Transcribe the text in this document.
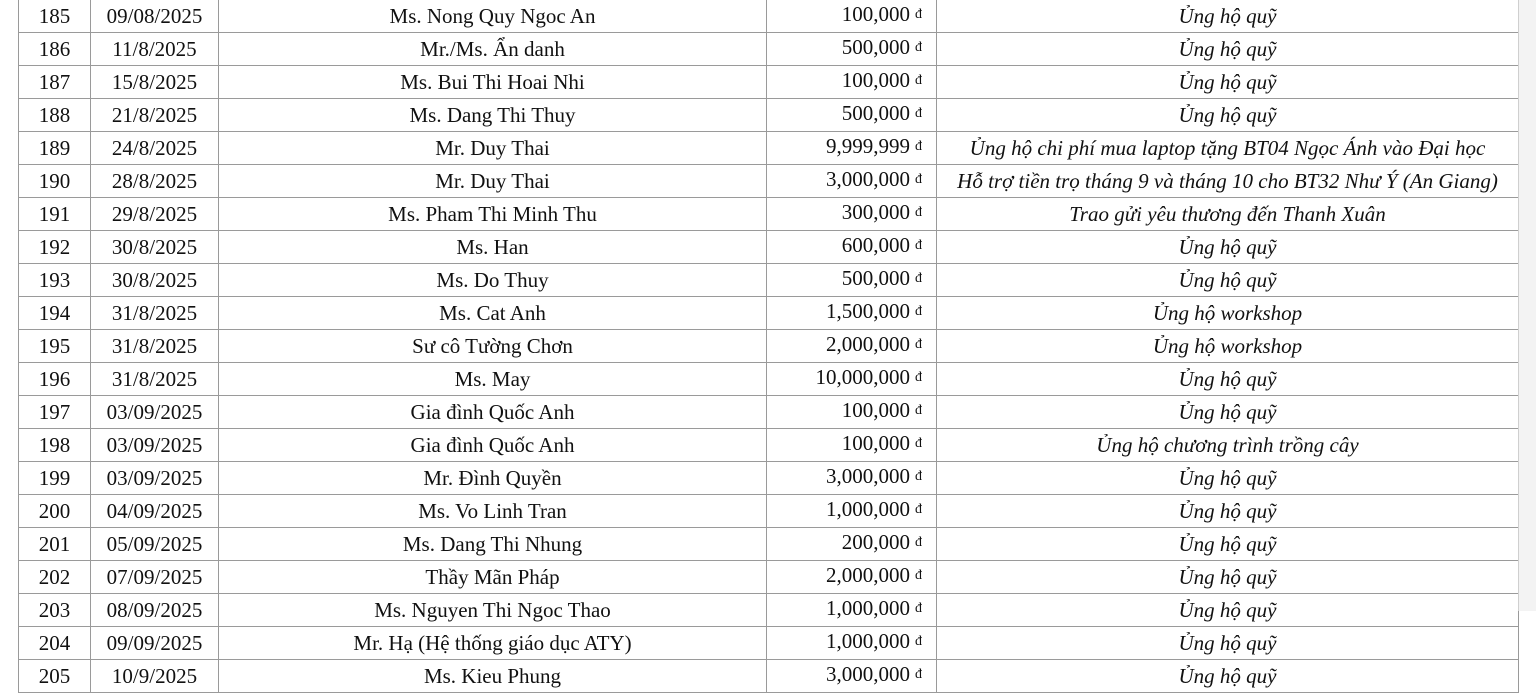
185	09/08/2025	Ms. Nong Quy Ngoc An	100,000 đ	Ủng hộ quỹ
186	11/8/2025	Mr./Ms. Ẩn danh	500,000 đ	Ủng hộ quỹ
187	15/8/2025	Ms. Bui Thi Hoai Nhi	100,000 đ	Ủng hộ quỹ
188	21/8/2025	Ms. Dang Thi Thuy	500,000 đ	Ủng hộ quỹ
189	24/8/2025	Mr. Duy Thai	9,999,999 đ	Ủng hộ chi phí mua laptop tặng BT04 Ngọc Ánh vào Đại học
190	28/8/2025	Mr. Duy Thai	3,000,000 đ	Hỗ trợ tiền trọ tháng 9 và tháng 10 cho BT32 Như Ý (An Giang)
191	29/8/2025	Ms. Pham Thi Minh Thu	300,000 đ	Trao gửi yêu thương đến Thanh Xuân
192	30/8/2025	Ms. Han	600,000 đ	Ủng hộ quỹ
193	30/8/2025	Ms. Do Thuy	500,000 đ	Ủng hộ quỹ
194	31/8/2025	Ms. Cat Anh	1,500,000 đ	Ủng hộ workshop
195	31/8/2025	Sư cô Tường Chơn	2,000,000 đ	Ủng hộ workshop
196	31/8/2025	Ms. May	10,000,000 đ	Ủng hộ quỹ
197	03/09/2025	Gia đình Quốc Anh	100,000 đ	Ủng hộ quỹ
198	03/09/2025	Gia đình Quốc Anh	100,000 đ	Ủng hộ chương trình trồng cây
199	03/09/2025	Mr. Đình Quyền	3,000,000 đ	Ủng hộ quỹ
200	04/09/2025	Ms. Vo Linh Tran	1,000,000 đ	Ủng hộ quỹ
201	05/09/2025	Ms. Dang Thi Nhung	200,000 đ	Ủng hộ quỹ
202	07/09/2025	Thầy Mãn Pháp	2,000,000 đ	Ủng hộ quỹ
203	08/09/2025	Ms. Nguyen Thi Ngoc Thao	1,000,000 đ	Ủng hộ quỹ
204	09/09/2025	Mr. Hạ (Hệ thống giáo dục ATY)	1,000,000 đ	Ủng hộ quỹ
205	10/9/2025	Ms. Kieu Phung	3,000,000 đ	Ủng hộ quỹ
